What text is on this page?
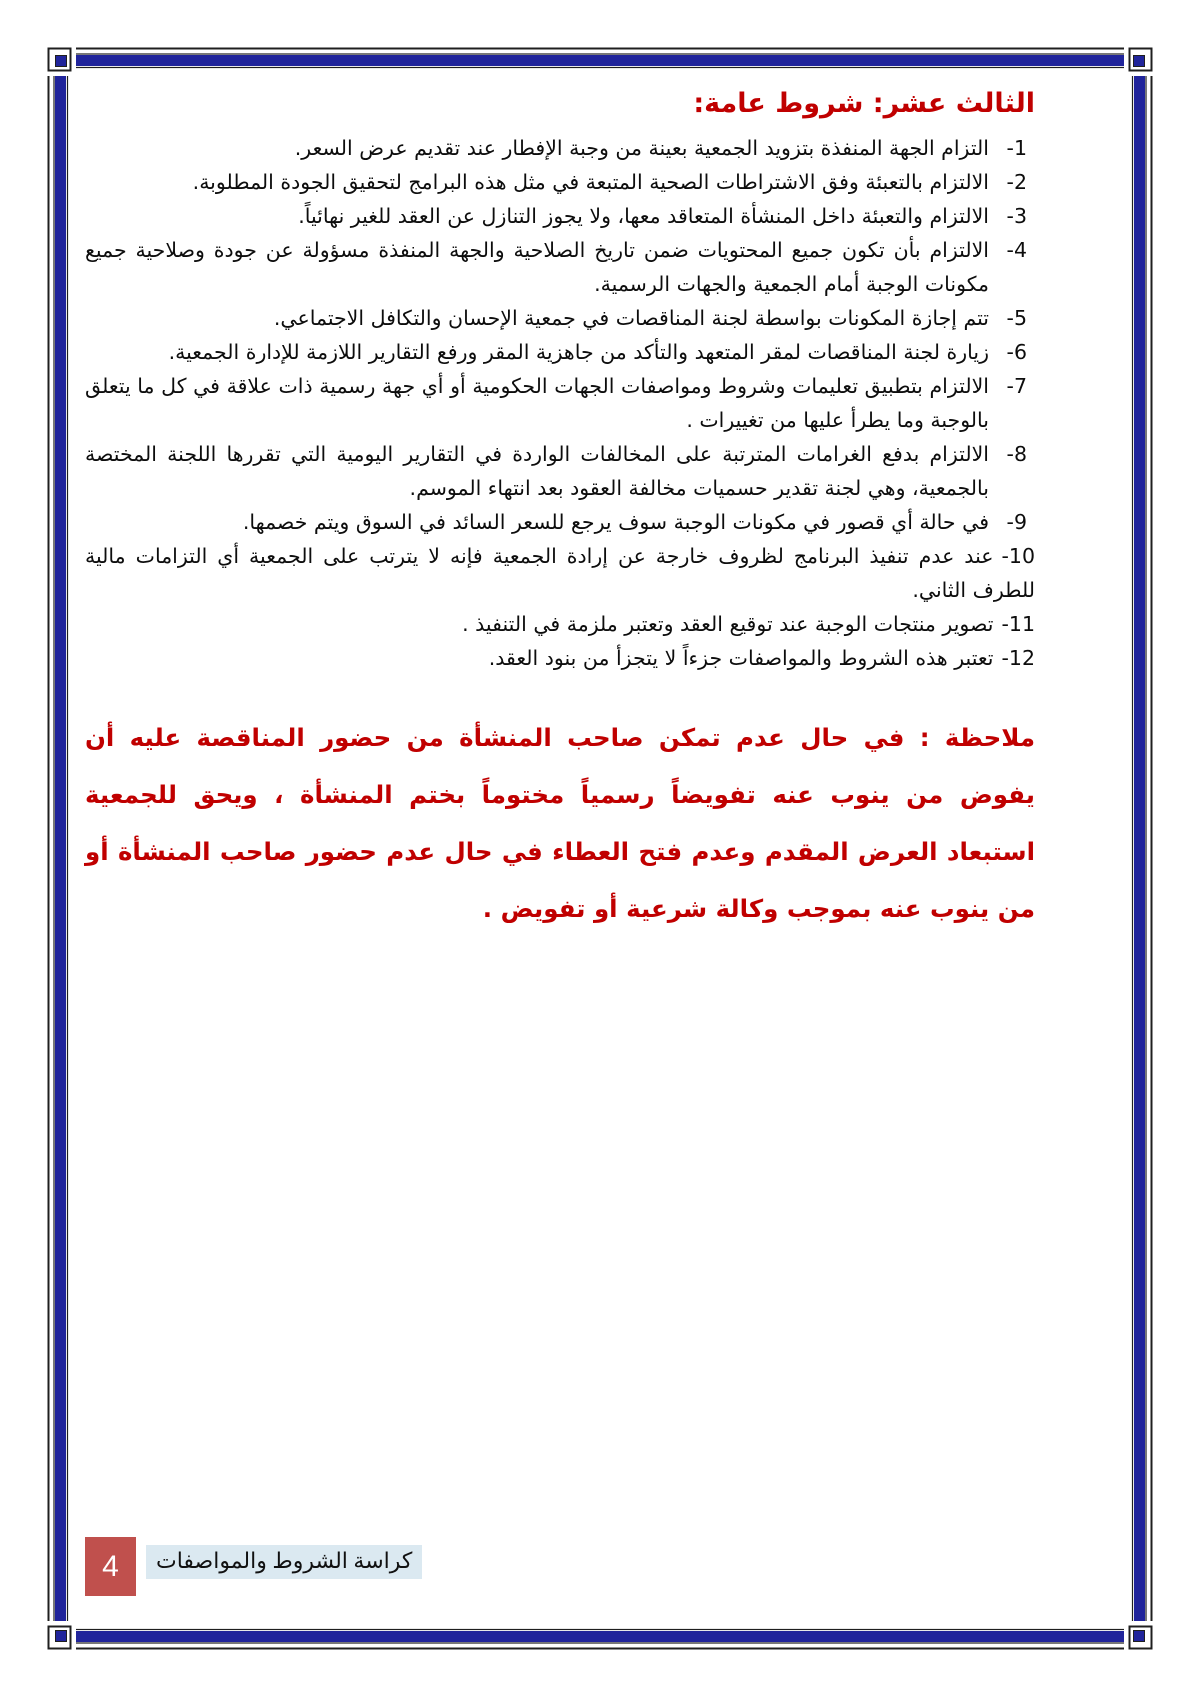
الثالث عشر: شروط عامة:
1-
التزام الجهة المنفذة بتزويد الجمعية بعينة من وجبة الإفطار عند تقديم عرض السعر.
2-
الالتزام بالتعبئة وفق الاشتراطات الصحية المتبعة في مثل هذه البرامج لتحقيق الجودة المطلوبة.
3-
الالتزام والتعبئة داخل المنشأة المتعاقد معها، ولا يجوز التنازل عن العقد للغير نهائياً.
4-
الالتزام بأن تكون جميع المحتويات ضمن تاريخ الصلاحية والجهة المنفذة مسؤولة عن جودة وصلاحية جميع مكونات الوجبة أمام الجمعية والجهات الرسمية.
5-
تتم إجازة المكونات بواسطة لجنة المناقصات في جمعية الإحسان والتكافل الاجتماعي.
6-
زيارة لجنة المناقصات لمقر المتعهد والتأكد من جاهزية المقر ورفع التقارير اللازمة للإدارة الجمعية.
7-
الالتزام بتطبيق تعليمات وشروط ومواصفات الجهات الحكومية أو أي جهة رسمية ذات علاقة في كل ما يتعلق بالوجبة وما يطرأ عليها من تغييرات .
8-
الالتزام بدفع الغرامات المترتبة على المخالفات الواردة في التقارير اليومية التي تقررها اللجنة المختصة بالجمعية، وهي لجنة تقدير حسميات مخالفة العقود بعد انتهاء الموسم.
9-
في حالة أي قصور في مكونات الوجبة سوف يرجع للسعر السائد في السوق ويتم خصمها.
10-عند عدم تنفيذ البرنامج لظروف خارجة عن إرادة الجمعية فإنه لا يترتب على الجمعية أي التزامات مالية للطرف الثاني.
11-تصوير منتجات الوجبة عند توقيع العقد وتعتبر ملزمة في التنفيذ .
12-تعتبر هذه الشروط والمواصفات جزءاً لا يتجزأ من بنود العقد.

ملاحظة : في حال عدم تمكن صاحب المنشأة من حضور المناقصة عليه أن يفوض من ينوب عنه تفويضاً رسمياً مختوماً بختم المنشأة ، ويحق للجمعية استبعاد العرض المقدم وعدم فتح العطاء في حال عدم حضور صاحب المنشأة أو من ينوب عنه بموجب وكالة شرعية أو تفويض .

4	كراسة الشروط والمواصفات
